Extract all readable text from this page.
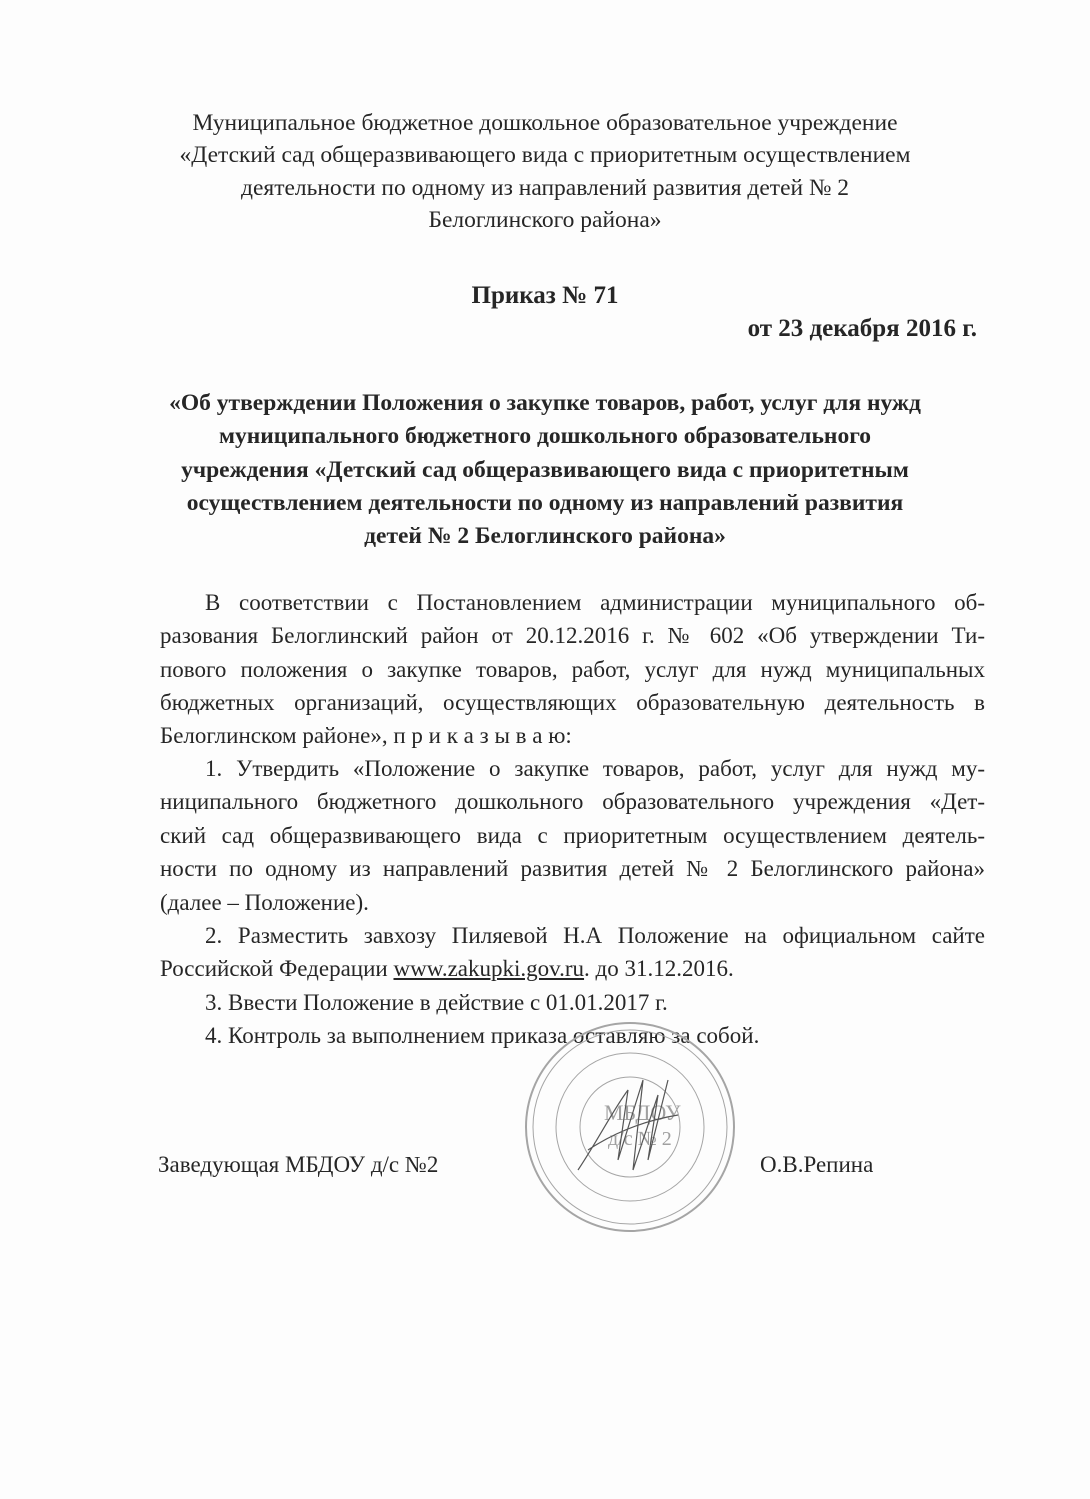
Муниципальное бюджетное дошкольное образовательное учреждение
«Детский сад общеразвивающего вида с приоритетным осуществлением
деятельности по одному из направлений развития детей № 2
Белоглинского района»
Приказ № 71
от 23 декабря 2016 г.
«Об утверждении Положения о закупке товаров, работ, услуг для нужд
муниципального бюджетного дошкольного образовательного
учреждения «Детский сад общеразвивающего вида с приоритетным
осуществлением деятельности по одному из направлений развития
детей № 2 Белоглинского района»
В соответствии с Постановлением администрации муниципального об-
разования Белоглинский район от 20.12.2016 г. № 602 «Об утверждении Ти-
пового положения о закупке товаров, работ, услуг для нужд муниципальных
бюджетных организаций, осуществляющих образовательную деятельность в
Белоглинском районе», п р и к а з ы в а ю:
1. Утвердить «Положение о закупке товаров, работ, услуг для нужд му-
ниципального бюджетного дошкольного образовательного учреждения «Дет-
ский сад общеразвивающего вида с приоритетным осуществлением деятель-
ности по одному из направлений развития детей № 2 Белоглинского района»
(далее – Положение).
2. Разместить завхозу Пиляевой Н.А Положение на официальном сайте
Российской Федерации www.zakupki.gov.ru. до 31.12.2016.
3. Ввести Положение в действие с 01.01.2017 г.
4. Контроль за выполнением приказа оставляю за собой.
МБДОУ
д/с № 2
Заведующая МБДОУ д/с №2	О.В.Репина
